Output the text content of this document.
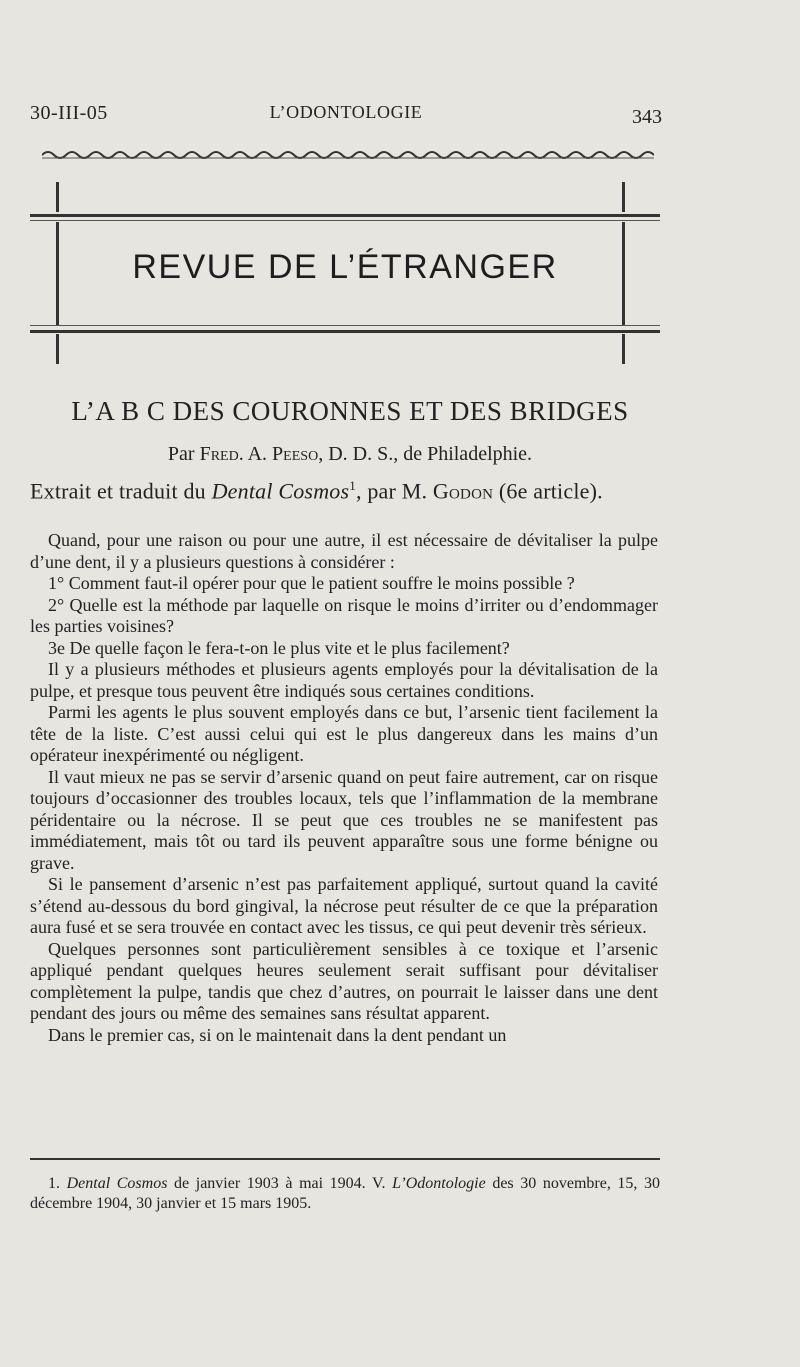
30-III-05	L’ODONTOLOGIE	343
REVUE DE L’ÉTRANGER
L’A B C DES COURONNES ET DES BRIDGES
Par Fred. A. Peeso, D. D. S., de Philadelphie.
Extrait et traduit du Dental Cosmos$^1$, par M. Godon (6e article).

Quand, pour une raison ou pour une autre, il est nécessaire de dévitaliser la pulpe d’une dent, il y a plusieurs questions à considérer :

1° Comment faut-il opérer pour que le patient souffre le moins possible ?

2° Quelle est la méthode par laquelle on risque le moins d’irriter ou d’endommager les parties voisines?

3e De quelle façon le fera-t-on le plus vite et le plus facilement?

Il y a plusieurs méthodes et plusieurs agents employés pour la dévitalisation de la pulpe, et presque tous peuvent être indiqués sous certaines conditions.

Parmi les agents le plus souvent employés dans ce but, l’arsenic tient facilement la tête de la liste. C’est aussi celui qui est le plus dangereux dans les mains d’un opérateur inexpérimenté ou négligent.

Il vaut mieux ne pas se servir d’arsenic quand on peut faire autrement, car on risque toujours d’occasionner des troubles locaux, tels que l’inflammation de la membrane péridentaire ou la nécrose. Il se peut que ces troubles ne se manifestent pas immédiatement, mais tôt ou tard ils peuvent apparaître sous une forme bénigne ou grave.

Si le pansement d’arsenic n’est pas parfaitement appliqué, surtout quand la cavité s’étend au-dessous du bord gingival, la nécrose peut résulter de ce que la préparation aura fusé et se sera trouvée en contact avec les tissus, ce qui peut devenir très sérieux.

Quelques personnes sont particulièrement sensibles à ce toxique et l’arsenic appliqué pendant quelques heures seulement serait suffisant pour dévitaliser complètement la pulpe, tandis que chez d’autres, on pourrait le laisser dans une dent pendant des jours ou même des semaines sans résultat apparent.

Dans le premier cas, si on le maintenait dans la dent pendant un

1. Dental Cosmos de janvier 1903 à mai 1904. V. L’Odontologie des 30 novembre, 15, 30 décembre 1904, 30 janvier et 15 mars 1905.
